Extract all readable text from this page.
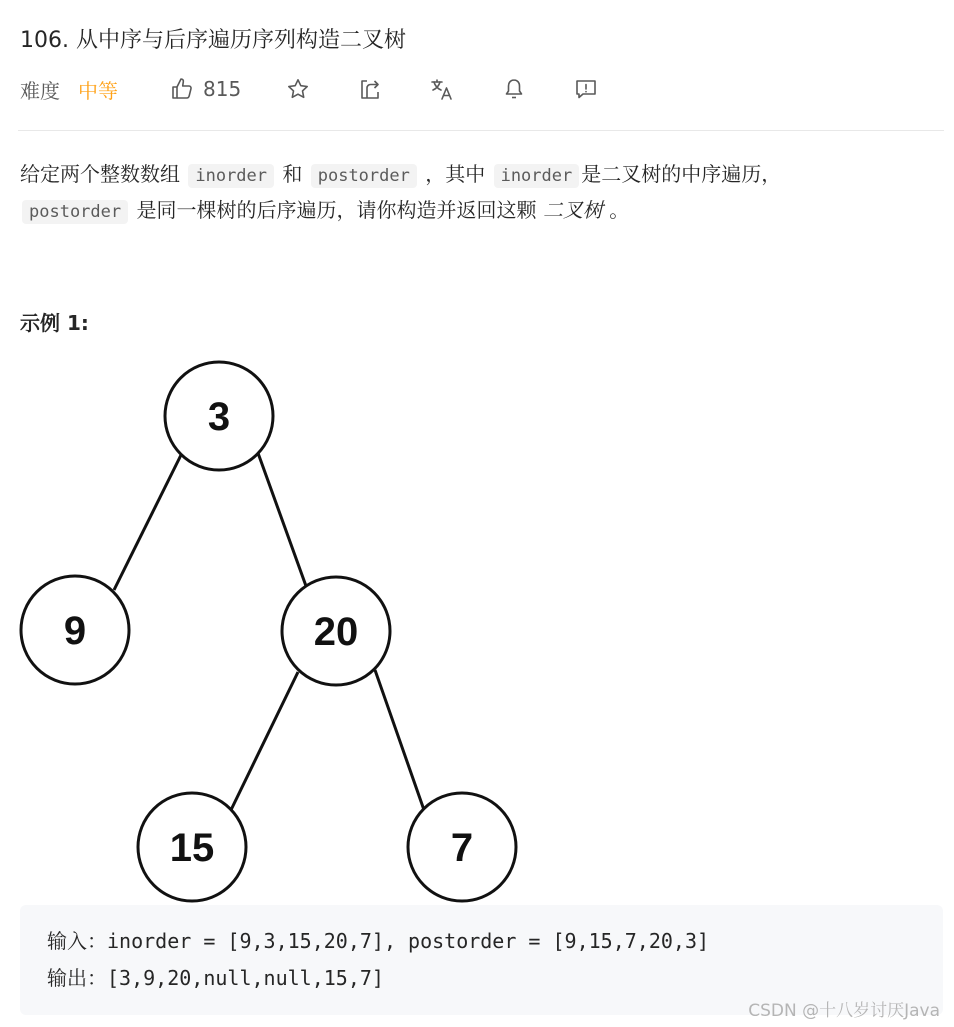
106. 从中序与后序遍历序列构造二叉树
难度 中等	815
给定两个整数数组 inorder 和 postorder ，其中 inorder 是二叉树的中序遍历，
postorder 是同一棵树的后序遍历，请你构造并返回这颗 二叉树 。
示例 1:
3
9	20
15	7
输入：inorder = [9,3,15,20,7], postorder = [9,15,7,20,3]
输出：[3,9,20,null,null,15,7]
CSDN @十八岁讨厌Java
